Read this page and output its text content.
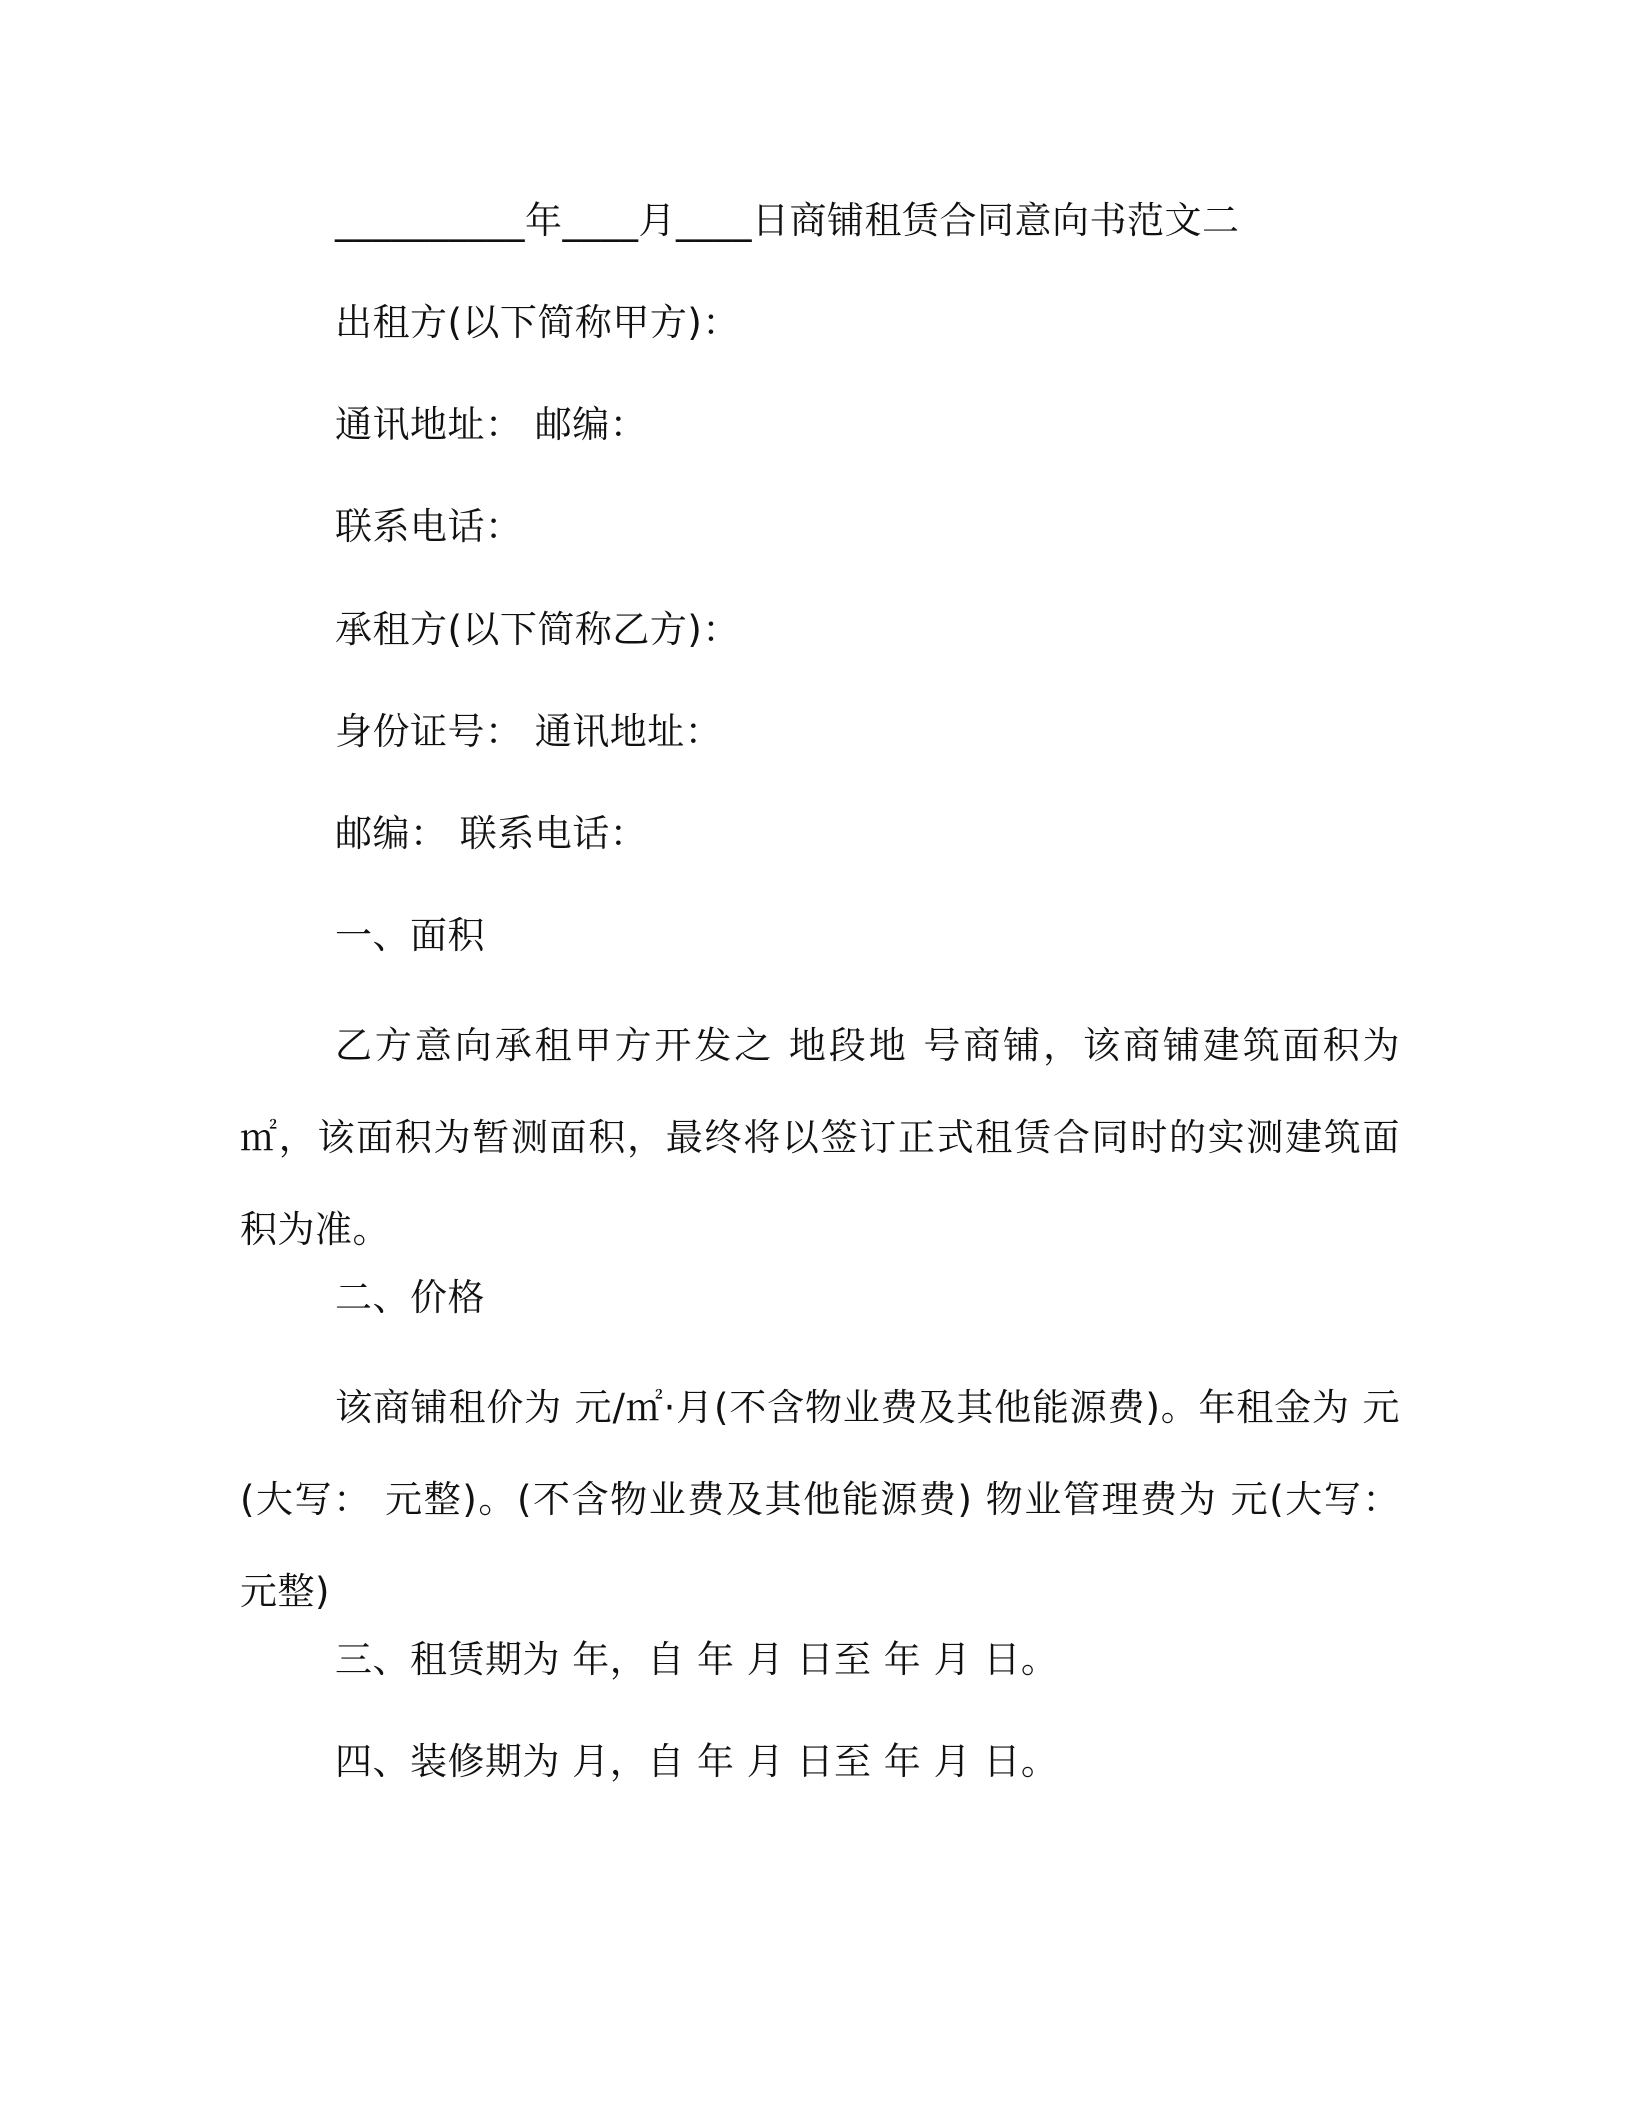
__________年____月____日商铺租赁合同意向书范文二
出租方(以下简称甲方)：
通讯地址： 邮编：
联系电话：
承租方(以下简称乙方)：
身份证号： 通讯地址：
邮编： 联系电话：
一、面积
乙方意向承租甲方开发之 地段地 号商铺，该商铺建筑面积为 ㎡，该面积为暂测面积，最终将以签订正式租赁合同时的实测建筑面积为准。
二、价格
该商铺租价为 元/㎡·月(不含物业费及其他能源费)。年租金为 元(大写： 元整)。(不含物业费及其他能源费) 物业管理费为 元(大写： 元整)
三、租赁期为 年，自 年 月 日至 年 月 日。
四、装修期为 月，自 年 月 日至 年 月 日。
